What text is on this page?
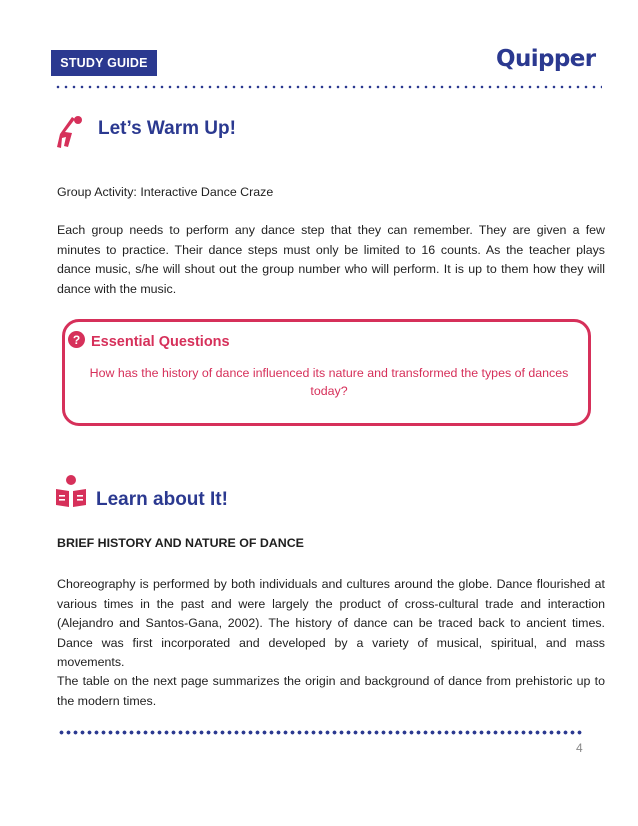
STUDY GUIDE	Quipper
Let’s Warm Up!
Group Activity: Interactive Dance Craze
Each group needs to perform any dance step that they can remember. They are given a few minutes to practice. Their dance steps must only be limited to 16 counts. As the teacher plays dance music, s/he will shout out the group number who will perform. It is up to them how they will dance with the music.
? Essential Questions
How has the history of dance influenced its nature and transformed the types of dances today?
Learn about It!
BRIEF HISTORY AND NATURE OF DANCE
Choreography is performed by both individuals and cultures around the globe. Dance flourished at various times in the past and were largely the product of cross-cultural trade and interaction (Alejandro and Santos-Gana, 2002). The history of dance can be traced back to ancient times. Dance was first incorporated and developed by a variety of musical, spiritual, and mass movements.
The table on the next page summarizes the origin and background of dance from prehistoric up to the modern times.
4
